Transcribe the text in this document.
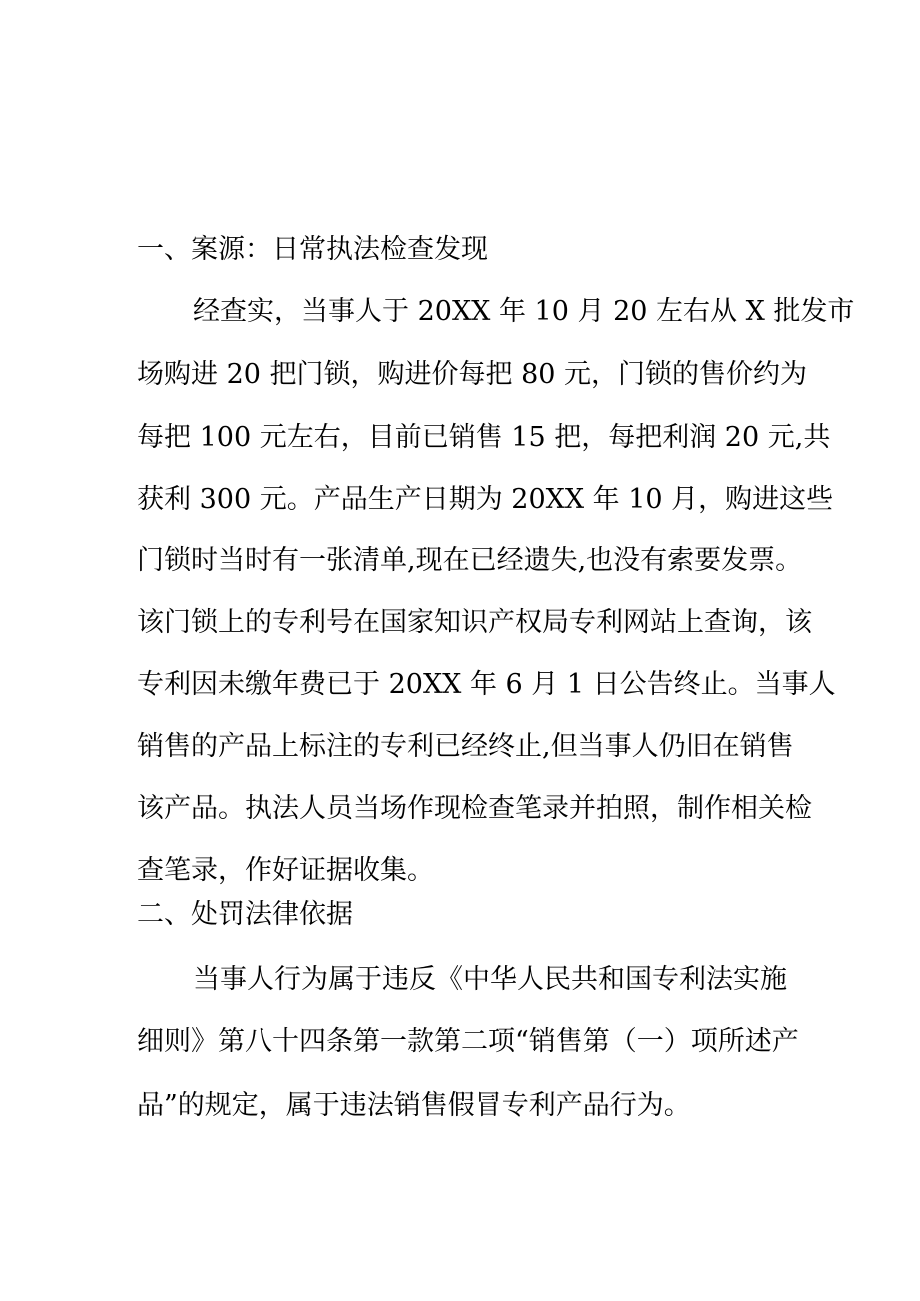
一、案源：日常执法检查发现
经查实，当事人于 20XX 年 10 月 20 左右从 X 批发市
场购进 20 把门锁，购进价每把 80 元，门锁的售价约为
每把 100 元左右，目前已销售 15 把，每把利润 20 元,共
获利 300 元。产品生产日期为 20XX 年 10 月，购进这些
门锁时当时有一张清单,现在已经遗失,也没有索要发票。
该门锁上的专利号在国家知识产权局专利网站上查询，该
专利因未缴年费已于 20XX 年 6 月 1 日公告终止。当事人
销售的产品上标注的专利已经终止,但当事人仍旧在销售
该产品。执法人员当场作现检查笔录并拍照，制作相关检
查笔录，作好证据收集。
二、处罚法律依据
当事人行为属于违反《中华人民共和国专利法实施
细则》第八十四条第一款第二项“销售第（一）项所述产
品”的规定，属于违法销售假冒专利产品行为。
